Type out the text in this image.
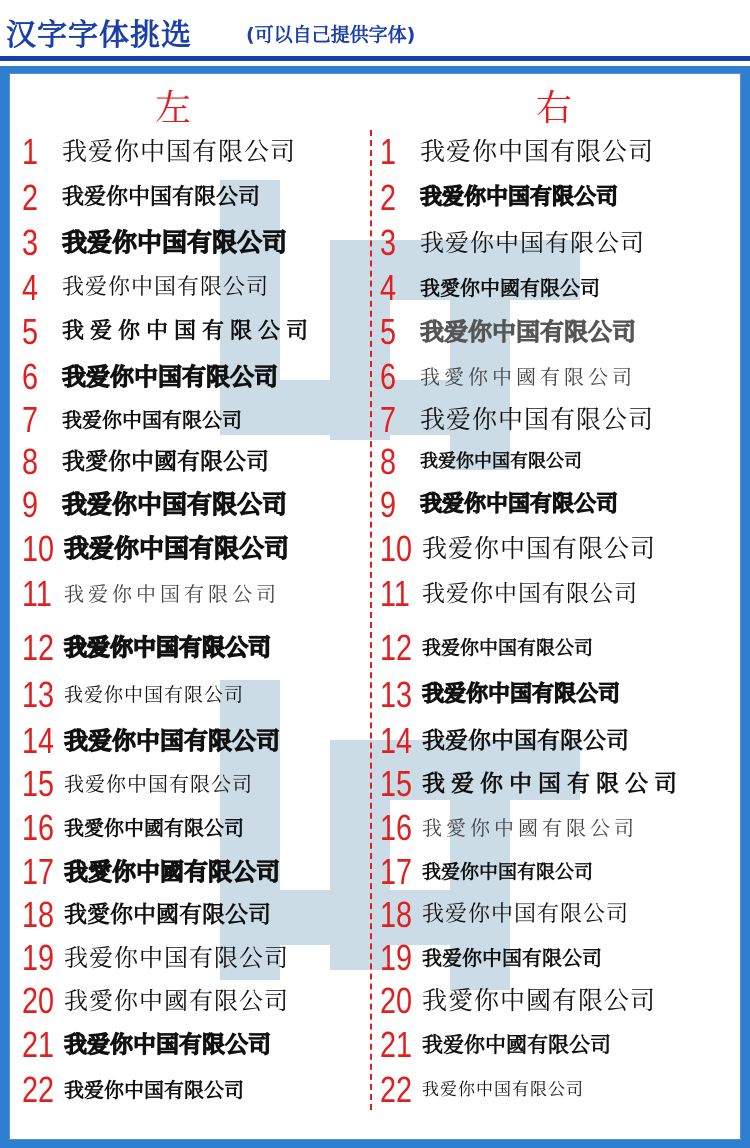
汉字字体挑选	(可以自己提供字体)
左	右
1 我爱你中国有限公司
2 我爱你中国有限公司
3 我爱你中国有限公司
4 我爱你中国有限公司
5 我爱你中国有限公司
6 我爱你中国有限公司
7 我爱你中国有限公司
8 我愛你中國有限公司
9 我爱你中国有限公司
10 我爱你中国有限公司
11 我爱你中国有限公司
12 我爱你中国有限公司
13 我爱你中国有限公司
14 我爱你中国有限公司
15 我爱你中国有限公司
16 我愛你中國有限公司
17 我愛你中國有限公司
18 我愛你中國有限公司
19 我爱你中国有限公司
20 我愛你中國有限公司
21 我爱你中国有限公司
22 我爱你中国有限公司
1 我爱你中国有限公司
2 我爱你中国有限公司
3 我爱你中国有限公司
4 我愛你中國有限公司
5 我爱你中国有限公司
6 我愛你中國有限公司
7 我爱你中国有限公司
8 我爱你中国有限公司
9 我爱你中国有限公司
10 我爱你中国有限公司
11 我爱你中国有限公司
12 我爱你中国有限公司
13 我爱你中国有限公司
14 我爱你中国有限公司
15 我爱你中国有限公司
16 我愛你中國有限公司
17 我爱你中国有限公司
18 我爱你中国有限公司
19 我爱你中国有限公司
20 我愛你中國有限公司
21 我爱你中國有限公司
22 我爱你中国有限公司
